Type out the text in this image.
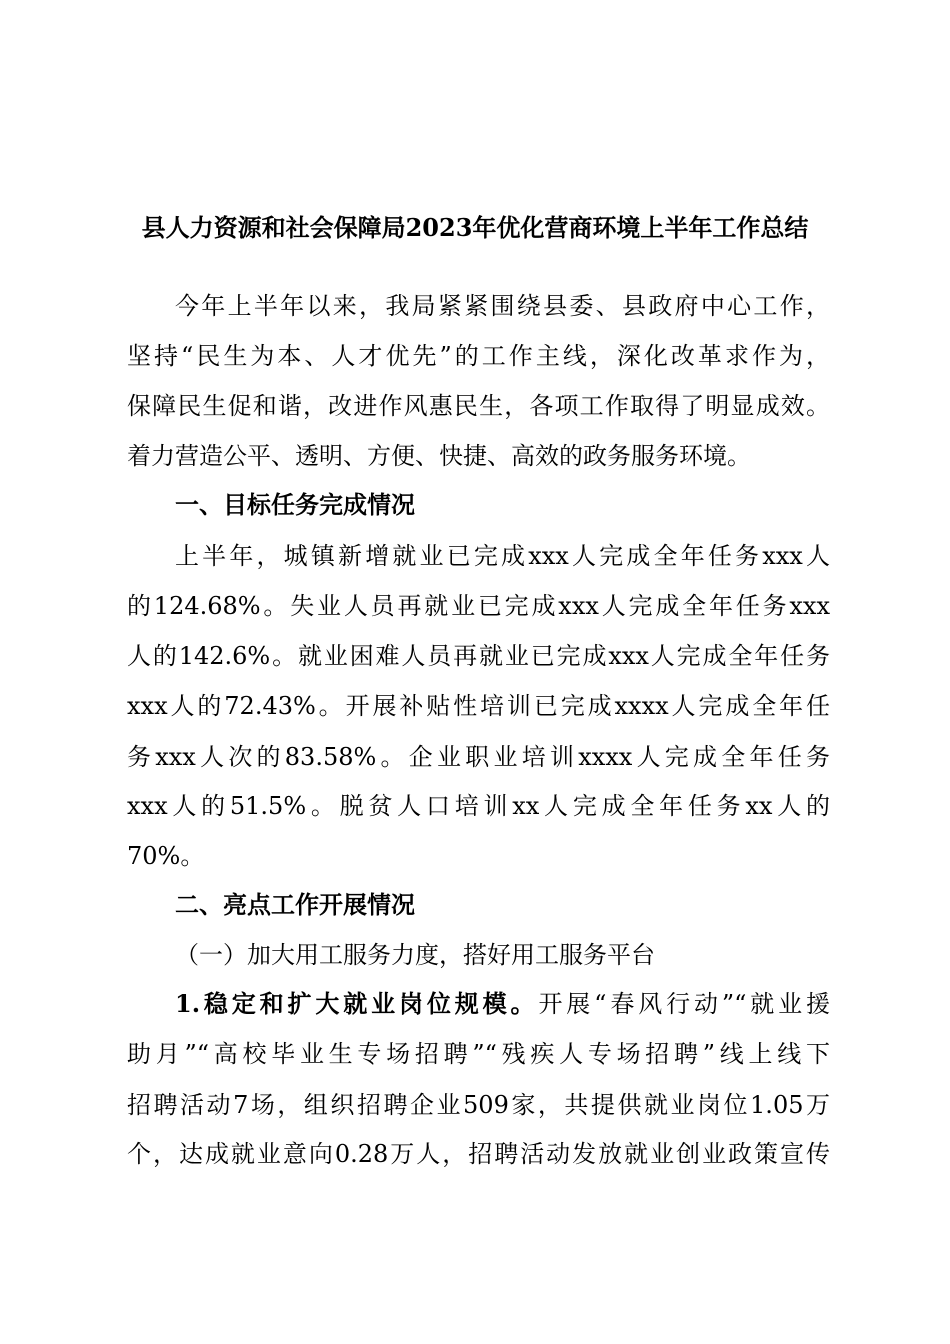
县人力资源和社会保障局2023年优化营商环境上半年工作总结
今年上半年以来，我局紧紧围绕县委、县政府中心工作，
坚持“民生为本、人才优先”的工作主线，深化改革求作为，
保障民生促和谐，改进作风惠民生，各项工作取得了明显成效。
着力营造公平、透明、方便、快捷、高效的政务服务环境。
一、目标任务完成情况
上半年，城镇新增就业已完成xxx人完成全年任务xxx人
的124.68%。失业人员再就业已完成xxx人完成全年任务xxx
人的142.6%。就业困难人员再就业已完成xxx人完成全年任务
xxx人的72.43%。开展补贴性培训已完成xxxx人完成全年任
务xxx人次的83.58%。企业职业培训xxxx人完成全年任务
xxx人的51.5%。脱贫人口培训xx人完成全年任务xx人的
70%。
二、亮点工作开展情况
（一）加大用工服务力度，搭好用工服务平台
1.稳定和扩大就业岗位规模。开展“春风行动”“就业援
助月”“高校毕业生专场招聘”“残疾人专场招聘”线上线下
招聘活动7场，组织招聘企业509家，共提供就业岗位1.05万
个，达成就业意向0.28万人，招聘活动发放就业创业政策宣传
